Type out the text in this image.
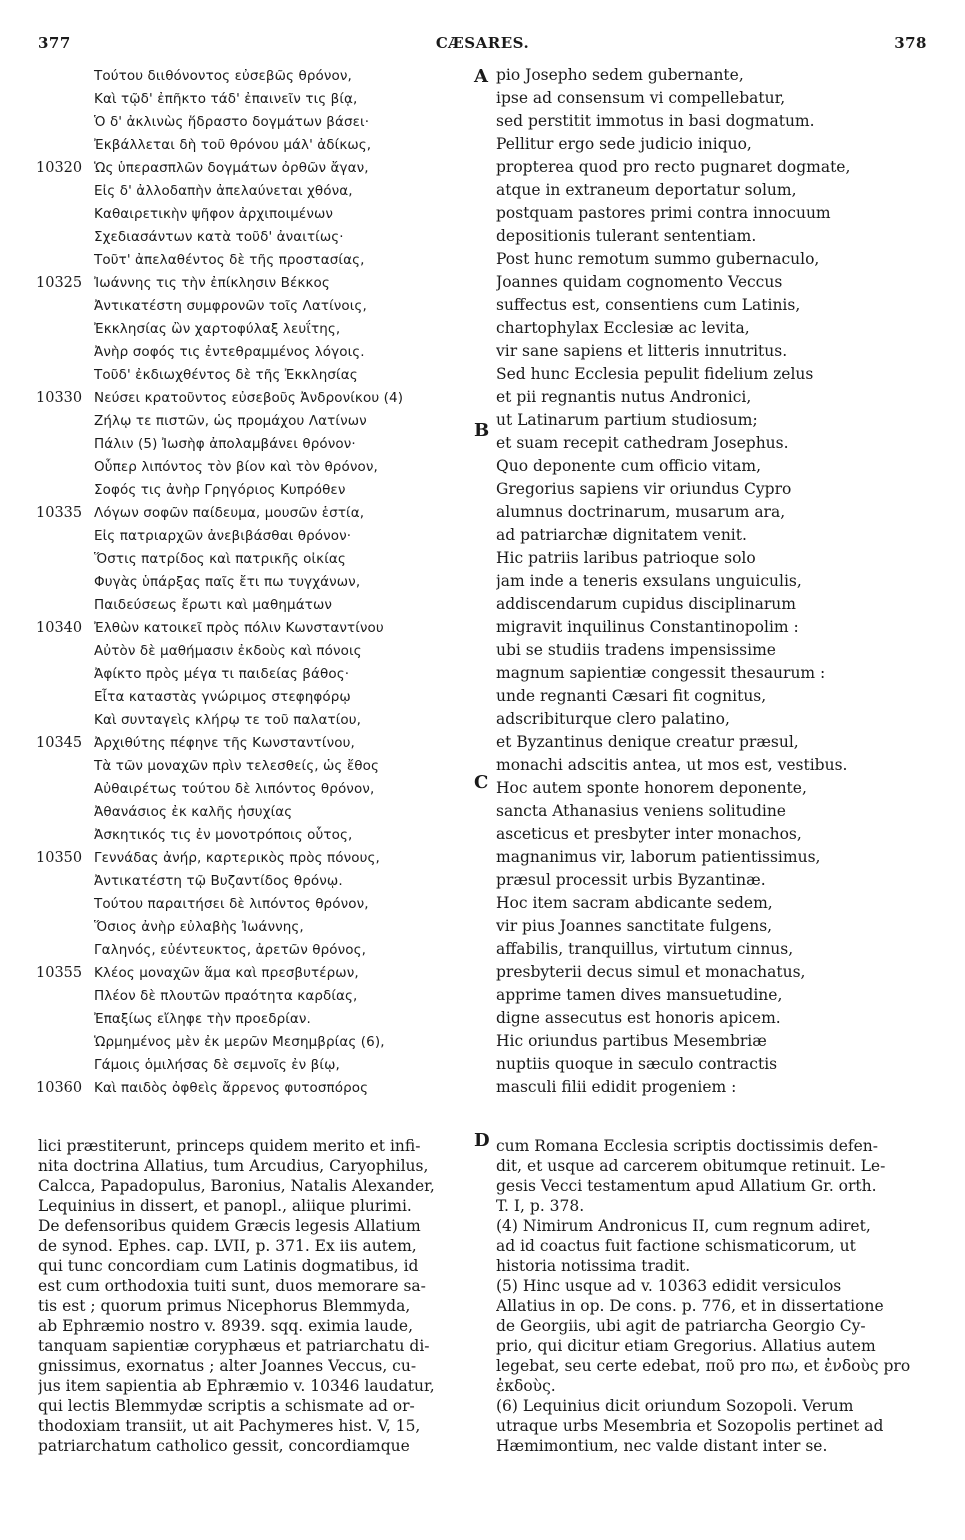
377	CÆSARES.	378
A
B
C
D
Τούτου διιθόνοντος εὐσεβῶς θρόνον,
Καὶ τῷδ' ἐπῆκτο τάδ' ἐπαινεῖν τις βίᾳ,
Ὁ δ' ἀκλινὼς ἥδραστο δογμάτων βάσει·
Ἐκβάλλεται δὴ τοῦ θρόνου μάλ' ἀδίκως,
10320 Ὡς ὑπερασπλῶν δογμάτων ὀρθῶν ἄγαν,
Εἰς δ' ἀλλοδαπὴν ἀπελαύνεται χθόνα,
Καθαιρετικὴν ψῆφον ἀρχιποιμένων
Σχεδιασάντων κατὰ τοῦδ' ἀναιτίως·
Τοῦτ' ἀπελαθέντος δὲ τῆς προστασίας,
10325 Ἰωάννης τις τὴν ἐπίκλησιν Βέκκος
Ἀντικατέστη συμφρονῶν τοῖς Λατίνοις,
Ἐκκλησίας ὢν χαρτοφύλαξ λευΐτης,
Ἀνὴρ σοφός τις ἐντεθραμμένος λόγοις.
Τοῦδ' ἐκδιωχθέντος δὲ τῆς Ἐκκλησίας
10330 Νεύσει κρατοῦντος εὐσεβοῦς Ἀνδρονίκου (4)
Ζήλῳ τε πιστῶν, ὡς προμάχου Λατίνων
Πάλιν (5) Ἰωσὴφ ἀπολαμβάνει θρόνον·
Οὗπερ λιπόντος τὸν βίον καὶ τὸν θρόνον,
Σοφός τις ἀνὴρ Γρηγόριος Κυπρόθεν
10335 Λόγων σοφῶν παίδευμα, μουσῶν ἑστία,
Εἰς πατριαρχῶν ἀνεβιβάσθαι θρόνον·
Ὅστις πατρίδος καὶ πατρικῆς οἰκίας
Φυγὰς ὑπάρξας παῖς ἔτι πω τυγχάνων,
Παιδεύσεως ἔρωτι καὶ μαθημάτων
10340 Ἐλθὼν κατοικεῖ πρὸς πόλιν Κωνσταντίνου
Αὐτὸν δὲ μαθήμασιν ἐκδοὺς καὶ πόνοις
Ἀφίκτο πρὸς μέγα τι παιδείας βάθος·
Εἶτα καταστὰς γνώριμος στεφηφόρῳ
Καὶ συνταγεὶς κλήρῳ τε τοῦ παλατίου,
10345 Ἀρχιθύτης πέφηνε τῆς Κωνσταντίνου,
Τὰ τῶν μοναχῶν πρὶν τελεσθείς, ὡς ἔθος
Αὐθαιρέτως τούτου δὲ λιπόντος θρόνον,
Ἀθανάσιος ἐκ καλῆς ἡσυχίας
Ἀσκητικός τις ἐν μονοτρόποις οὗτος,
10350 Γεννάδας ἀνήρ, καρτερικὸς πρὸς πόνους,
Ἀντικατέστη τῷ Βυζαντίδος θρόνῳ.
Τούτου παραιτήσει δὲ λιπόντος θρόνον,
Ὅσιος ἀνὴρ εὐλαβὴς Ἰωάννης,
Γαληνός, εὐέντευκτος, ἀρετῶν θρόνος,
10355 Κλέος μοναχῶν ἅμα καὶ πρεσβυτέρων,
Πλέον δὲ πλουτῶν πραότητα καρδίας,
Ἐπαξίως εἴληφε τὴν προεδρίαν.
Ὡρμημένος μὲν ἐκ μερῶν Μεσημβρίας (6),
Γάμοις ὁμιλήσας δὲ σεμνοῖς ἐν βίῳ,
10360 Καὶ παιδὸς ὀφθεὶς ἄρρενος φυτοσπόρος
pio Josepho sedem gubernante,
ipse ad consensum vi compellebatur,
sed perstitit immotus in basi dogmatum.
Pellitur ergo sede judicio iniquo,
propterea quod pro recto pugnaret dogmate,
atque in extraneum deportatur solum,
postquam pastores primi contra innocuum
depositionis tulerant sententiam.
Post hunc remotum summo gubernaculo,
Joannes quidam cognomento Veccus
suffectus est, consentiens cum Latinis,
chartophylax Ecclesiæ ac levita,
vir sane sapiens et litteris innutritus.
Sed hunc Ecclesia pepulit fidelium zelus
et pii regnantis nutus Andronici,
ut Latinarum partium studiosum;
et suam recepit cathedram Josephus.
Quo deponente cum officio vitam,
Gregorius sapiens vir oriundus Cypro
alumnus doctrinarum, musarum ara,
ad patriarchæ dignitatem venit.
Hic patriis laribus patrioque solo
jam inde a teneris exsulans unguiculis,
addiscendarum cupidus disciplinarum
migravit inquilinus Constantinopolim :
ubi se studiis tradens impensissime
magnum sapientiæ congessit thesaurum :
unde regnanti Cæsari fit cognitus,
adscribiturque clero palatino,
et Byzantinus denique creatur præsul,
monachi adscitis antea, ut mos est, vestibus.
Hoc autem sponte honorem deponente,
sancta Athanasius veniens solitudine
asceticus et presbyter inter monachos,
magnanimus vir, laborum patientissimus,
præsul processit urbis Byzantinæ.
Hoc item sacram abdicante sedem,
vir pius Joannes sanctitate fulgens,
affabilis, tranquillus, virtutum cinnus,
presbyterii decus simul et monachatus,
apprime tamen dives mansuetudine,
digne assecutus est honoris apicem.
Hic oriundus partibus Mesembriæ
nuptiis quoque in sæculo contractis
masculi filii edidit progeniem :
lici præstiterunt, princeps quidem merito et infi-
nita doctrina Allatius, tum Arcudius, Caryophilus,
Calcca, Papadopulus, Baronius, Natalis Alexander,
Lequinius in dissert, et panopl., aliique plurimi.
De defensoribus quidem Græcis legesis Allatium
de synod. Ephes. cap. LVII, p. 371. Ex iis autem,
qui tunc concordiam cum Latinis dogmatibus, id
est cum orthodoxia tuiti sunt, duos memorare sa-
tis est ; quorum primus Nicephorus Blemmyda,
ab Ephræmio nostro v. 8939. sqq. eximia laude,
tanquam sapientiæ coryphæus et patriarchatu di-
gnissimus, exornatus ; alter Joannes Veccus, cu-
jus item sapientia ab Ephræmio v. 10346 laudatur,
qui lectis Blemmydæ scriptis a schismate ad or-
thodoxiam transiit, ut ait Pachymeres hist. V, 15,
patriarchatum catholico gessit, concordiamque
cum Romana Ecclesia scriptis doctissimis defen-
dit, et usque ad carcerem obitumque retinuit. Le-
gesis Vecci testamentum apud Allatium Gr. orth.
T. I, p. 378.
(4) Nimirum Andronicus II, cum regnum adiret,
ad id coactus fuit factione schismaticorum, ut
historia notissima tradit.
(5) Hinc usque ad v. 10363 edidit versiculos
Allatius in op. De cons. p. 776, et in dissertatione
de Georgiis, ubi agit de patriarcha Georgio Cy-
prio, qui dicitur etiam Gregorius. Allatius autem
legebat, seu certe edebat, ποῦ pro πω, et ἐνδοὺς pro
ἐκδοὺς.
(6) Lequinius dicit oriundum Sozopoli. Verum
utraque urbs Mesembria et Sozopolis pertinet ad
Hæmimontium, nec valde distant inter se.
